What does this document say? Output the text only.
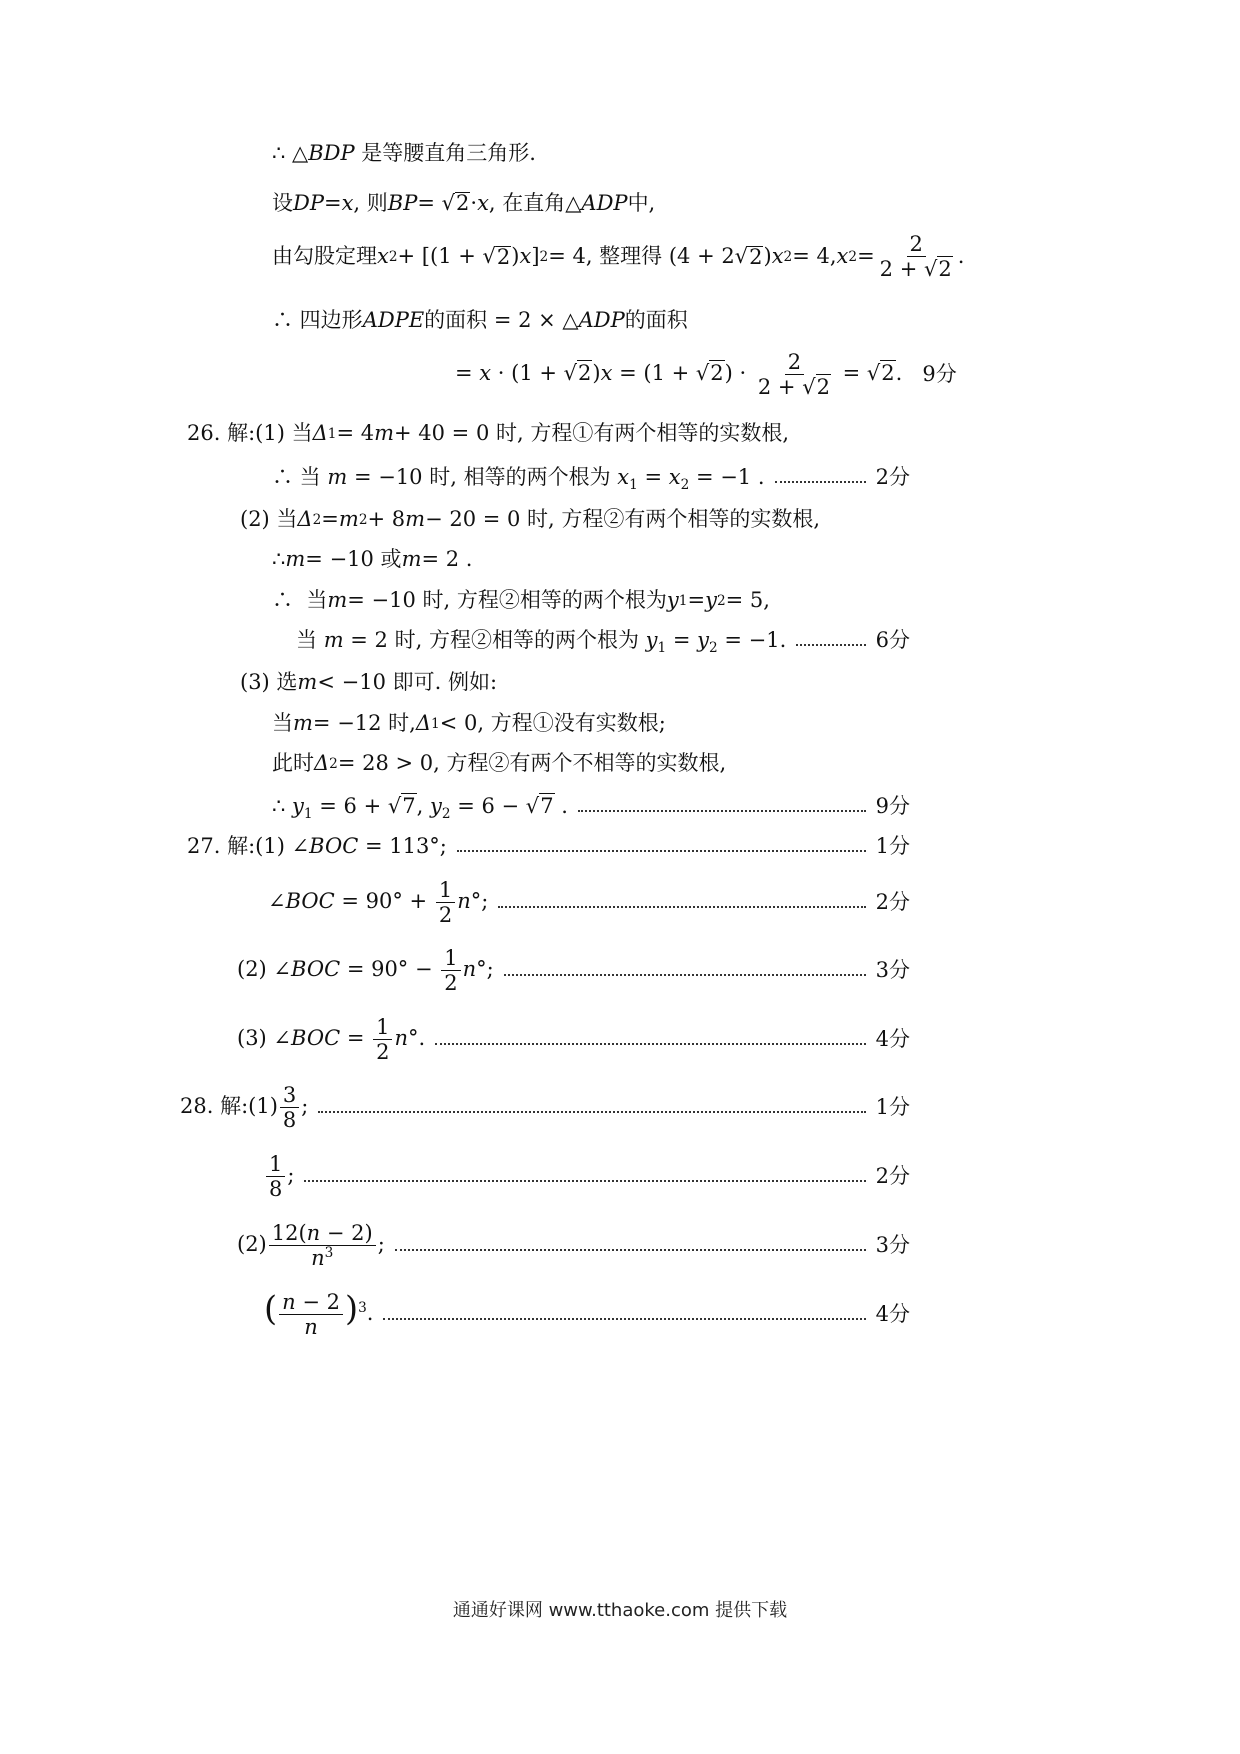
∴ △ BDP 是等腰直角三角形.
设 DP = x , 则 BP = √ 2 · x , 在直角△ ADP 中,
由勾股定理 x 2 + [(1 + √ 2 ) x ] 2 = 4, 整理得 (4 + 2√ 2 ) x 2 = 4, x $2 = \frac{2}{2 + √2}$ .
∴ 四边形 ADPE 的面积 = 2 × △ ADP 的面积
= $x \cdot (1 + √2)x = (1 + √2) \cdot \frac{2}{2 + √2} = √2$. 9分
26. 解:(1) 当 Δ 1 = 4 m + 40 = 0 时, 方程①有两个相等的实数根,
∴ 当 m = −10 时, 相等的两个根为 $x_1 = x_2 = -1$ .	2分
(2) 当 Δ 2 = m 2 + 8 m − 20 = 0 时, 方程②有两个相等的实数根,
∴ m = −10 或 m = 2 .
∴  当 m = −10 时, 方程②相等的两个根为 y 1 = y 2 = 5,
当 m = 2 时, 方程②相等的两个根为 $y_1 = y_2 = -1$.	6分
(3) 选 m < −10 即可. 例如:
当 m = −12 时, Δ 1 < 0, 方程①没有实数根;
此时 Δ 2 = 28 > 0, 方程②有两个不相等的实数根,
∴ $y_1 = 6 + √7$, $y_2 = 6 - √7$ .	9分
27. 解:(1) ∠BOC = 113°;	1分
∠BOC = $90^\circ + \frac{1}{2} n^\circ$;	2分
(2) ∠BOC = $90^\circ - \frac{1}{2} n^\circ$;	3分
(3) ∠BOC = $\frac{1}{2} n^\circ$.	4分
28. 解:(1) $\frac{3}{8}$ ;	1分
$\frac{1}{8}$ ;	2分
$(2) \frac{12(n - 2)}{n^3}$ ;	3分
( $\frac{n - 2}{n} )^3$.	4分
通通好课网 www.tthaoke.com 提供下载
